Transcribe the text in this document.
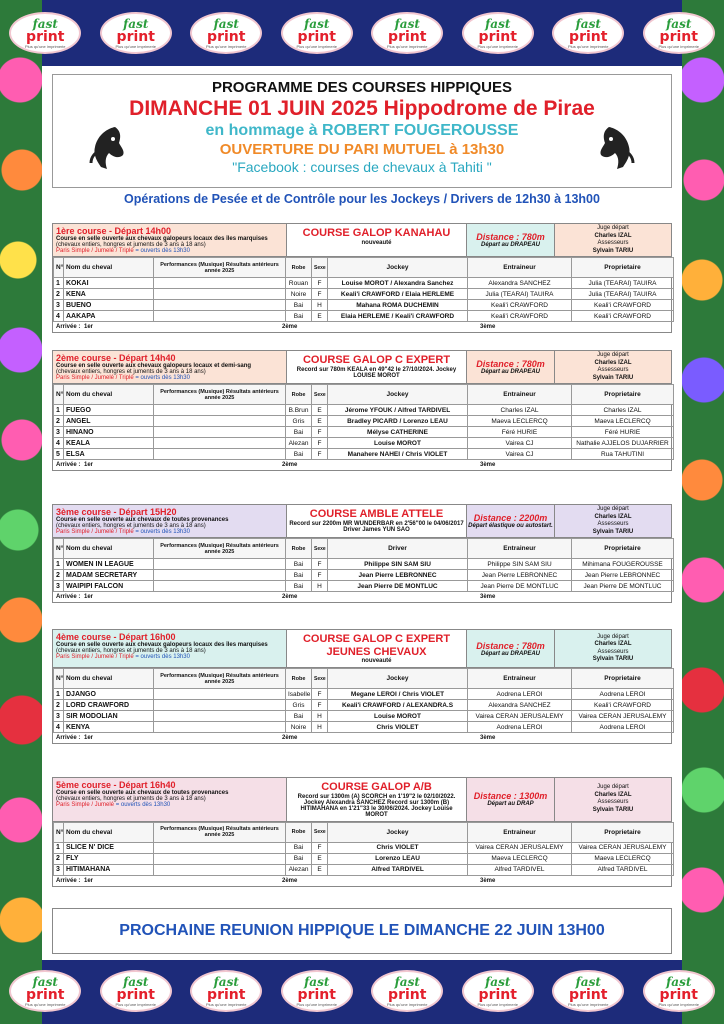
fast
print
Plus qu'une imprimerie
fast
print
Plus qu'une imprimerie
fast
print
Plus qu'une imprimerie
fast
print
Plus qu'une imprimerie
fast
print
Plus qu'une imprimerie
fast
print
Plus qu'une imprimerie
fast
print
Plus qu'une imprimerie
fast
print
Plus qu'une imprimerie
fast
print
Plus qu'une imprimerie
fast
print
Plus qu'une imprimerie
fast
print
Plus qu'une imprimerie
fast
print
Plus qu'une imprimerie
fast
print
Plus qu'une imprimerie
fast
print
Plus qu'une imprimerie
fast
print
Plus qu'une imprimerie
fast
print
Plus qu'une imprimerie
PROGRAMME DES COURSES HIPPIQUES
DIMANCHE 01 JUIN 2025 Hippodrome de Pirae
en hommage à ROBERT FOUGEROUSSE
OUVERTURE DU PARI MUTUEL à 13h30
"Facebook : courses de chevaux à Tahiti "
Opérations de Pesée et de Contrôle pour les Jockeys / Drivers de 12h30 à 13h00
1ère course - Départ 14h00
Course en selle ouverte aux chevaux galopeurs locaux des îles marquises
(chevaux entiers, hongres et juments de 3 ans à 18 ans)
Paris Simple / Jumelé / Triplé = ouverts dès 13h30
COURSE GALOP KANAHAU
nouveauté
Distance : 780m
Départ au DRAPEAU
Juge départ
Charles IZAL
Assesseurs
Sylvain TARIU
N°	Nom du cheval	Performances (Musique) Résultats antérieurs année 2025	Robe	Sexe	Jockey	Entraineur	Proprietaire
1	KOKAI		Rouan	F	Louise MOROT / Alexandra Sanchez	Alexandra SANCHEZ	Julia (TEARAI) TAUIRA
2	KENA		Noire	F	Keali'i CRAWFORD / Elaia HERLEME	Julia (TEARAI) TAUIRA	Julia (TEARAI) TAUIRA
3	BUENO		Bai	H	Mahana ROMA DUCHEMIN	Keali'i CRAWFORD	Keali'i CRAWFORD
4	AAKAPA		Bai	E	Elaia HERLEME / Keali'i CRAWFORD	Keali'i CRAWFORD	Keali'i CRAWFORD
Arrivée : 1er	2ème	3ème
2ème course - Départ 14h40
Course en selle ouverte aux chevaux galopeurs locaux et demi-sang
(chevaux entiers, hongres et juments de 3 ans à 18 ans)
Paris Simple / Jumelé / Triplé = ouverts dès 13h30
COURSE GALOP C EXPERT
Record sur 780m KEALA en 49"42 le 27/10/2024. Jockey LOUISE MOROT
Distance : 780m
Départ au DRAPEAU
Juge départ
Charles IZAL
Assesseurs
Sylvain TARIU
N°	Nom du cheval	Performances (Musique) Résultats antérieurs année 2025	Robe	Sexe	Jockey	Entraineur	Proprietaire
1	FUEGO		B.Brun	E	Jérome YFOUK / Alfred TARDIVEL	Charles IZAL	Charles IZAL
2	ANGEL		Gris	E	Bradley PICARD / Lorenzo LEAU	Maeva LECLERCQ	Maeva LECLERCQ
3	HINANO		Bai	F	Mélyse CATHERINE	Féré HURIE	Féré HURIE
4	KEALA		Alezan	F	Louise MOROT	Vairea CJ	Nathalie AJJELOS DUJARRIER
5	ELSA		Bai	F	Manahere NAHEI / Chris VIOLET	Vairea CJ	Rua TAHUTINI
Arrivée : 1er	2ème	3ème
3ème course - Départ 15H20
Course en selle ouverte aux chevaux de toutes provenances
(chevaux entiers, hongres et juments de 3 ans à 18 ans)
Paris Simple / Jumelé / Triplé = ouverts dès 13h30
COURSE AMBLE ATTELE
Record sur 2200m MR WUNDERBAR en 2'56"00 le 04/06/2017 Driver James YUN SAO
Distance : 2200m
Départ élastique ou autostart.
Juge départ
Charles IZAL
Assesseurs
Sylvain TARIU
N°	Nom du cheval	Performances (Musique) Résultats antérieurs année 2025	Robe	Sexe	Driver	Entraineur	Proprietaire
1	WOMEN IN LEAGUE		Bai	F	Philippe SIN SAM SIU	Philippe SIN SAM SIU	Mihimana FOUGEROUSSE
2	MADAM SECRETARY		Bai	F	Jean Pierre LEBRONNEC	Jean Pierre LEBRONNEC	Jean Pierre LEBRONNEC
3	WAIPIPI FALCON		Bai	H	Jean Pierre DE MONTLUC	Jean Pierre DE MONTLUC	Jean Pierre DE MONTLUC
Arrivée : 1er	2ème	3ème
4ème course - Départ 16h00
Course en selle ouverte aux chevaux galopeurs locaux des îles marquises
(chevaux entiers, hongres et juments de 3 ans à 18 ans)
Paris Simple / Jumelé / Triplé = ouverts dès 13h30
COURSE GALOP C EXPERT JEUNES CHEVAUX
nouveauté
Distance : 780m
Départ au DRAPEAU
Juge départ
Charles IZAL
Assesseurs
Sylvain TARIU
N°	Nom du cheval	Performances (Musique) Résultats antérieurs année 2025	Robe	Sexe	Jockey	Entraineur	Proprietaire
1	DJANGO		Isabelle	F	Megane LEROI / Chris VIOLET	Aodrena LEROI	Aodrena LEROI
2	LORD CRAWFORD		Gris	F	Keali'i CRAWFORD / ALEXANDRA.S	Alexandra SANCHEZ	Keali'i CRAWFORD
3	SIR MODOLIAN		Bai	H	Louise MOROT	Vairea CERAN JERUSALEMY	Vairea CERAN JERUSALEMY
4	KENYA		Noire	H	Chris VIOLET	Aodrena LEROI	Aodrena LEROI
Arrivée : 1er	2ème	3ème
5ème course - Départ 16h40
Course en selle ouverte aux chevaux de toutes provenances
(chevaux entiers, hongres et juments de 3 ans à 18 ans)
Paris Simple / Jumelé = ouverts dès 13h30
COURSE GALOP A/B
Record sur 1300m (A) SCORCH en 1'19"2 le 02/10/2022. Jockey Alexandra SANCHEZ Record sur 1300m (B) HITIMAHANA en 1'21"33 le 30/06/2024. Jockey Louise MOROT
Distance : 1300m
Départ au DRAP
Juge départ
Charles IZAL
Assesseurs
Sylvain TARIU
N°	Nom du cheval	Performances (Musique) Résultats antérieurs année 2025	Robe	Sexe	Jockey	Entraineur	Proprietaire
1	SLICE N' DICE		Bai	F	Chris VIOLET	Vairea CERAN JERUSALEMY	Vairea CERAN JERUSALEMY
2	FLY		Bai	E	Lorenzo LEAU	Maeva LECLERCQ	Maeva LECLERCQ
3	HITIMAHANA		Alezan	E	Alfred TARDIVEL	Alfred TARDIVEL	Alfred TARDIVEL
Arrivée : 1er	2ème	3ème
PROCHAINE REUNION HIPPIQUE LE DIMANCHE 22 JUIN 13H00
